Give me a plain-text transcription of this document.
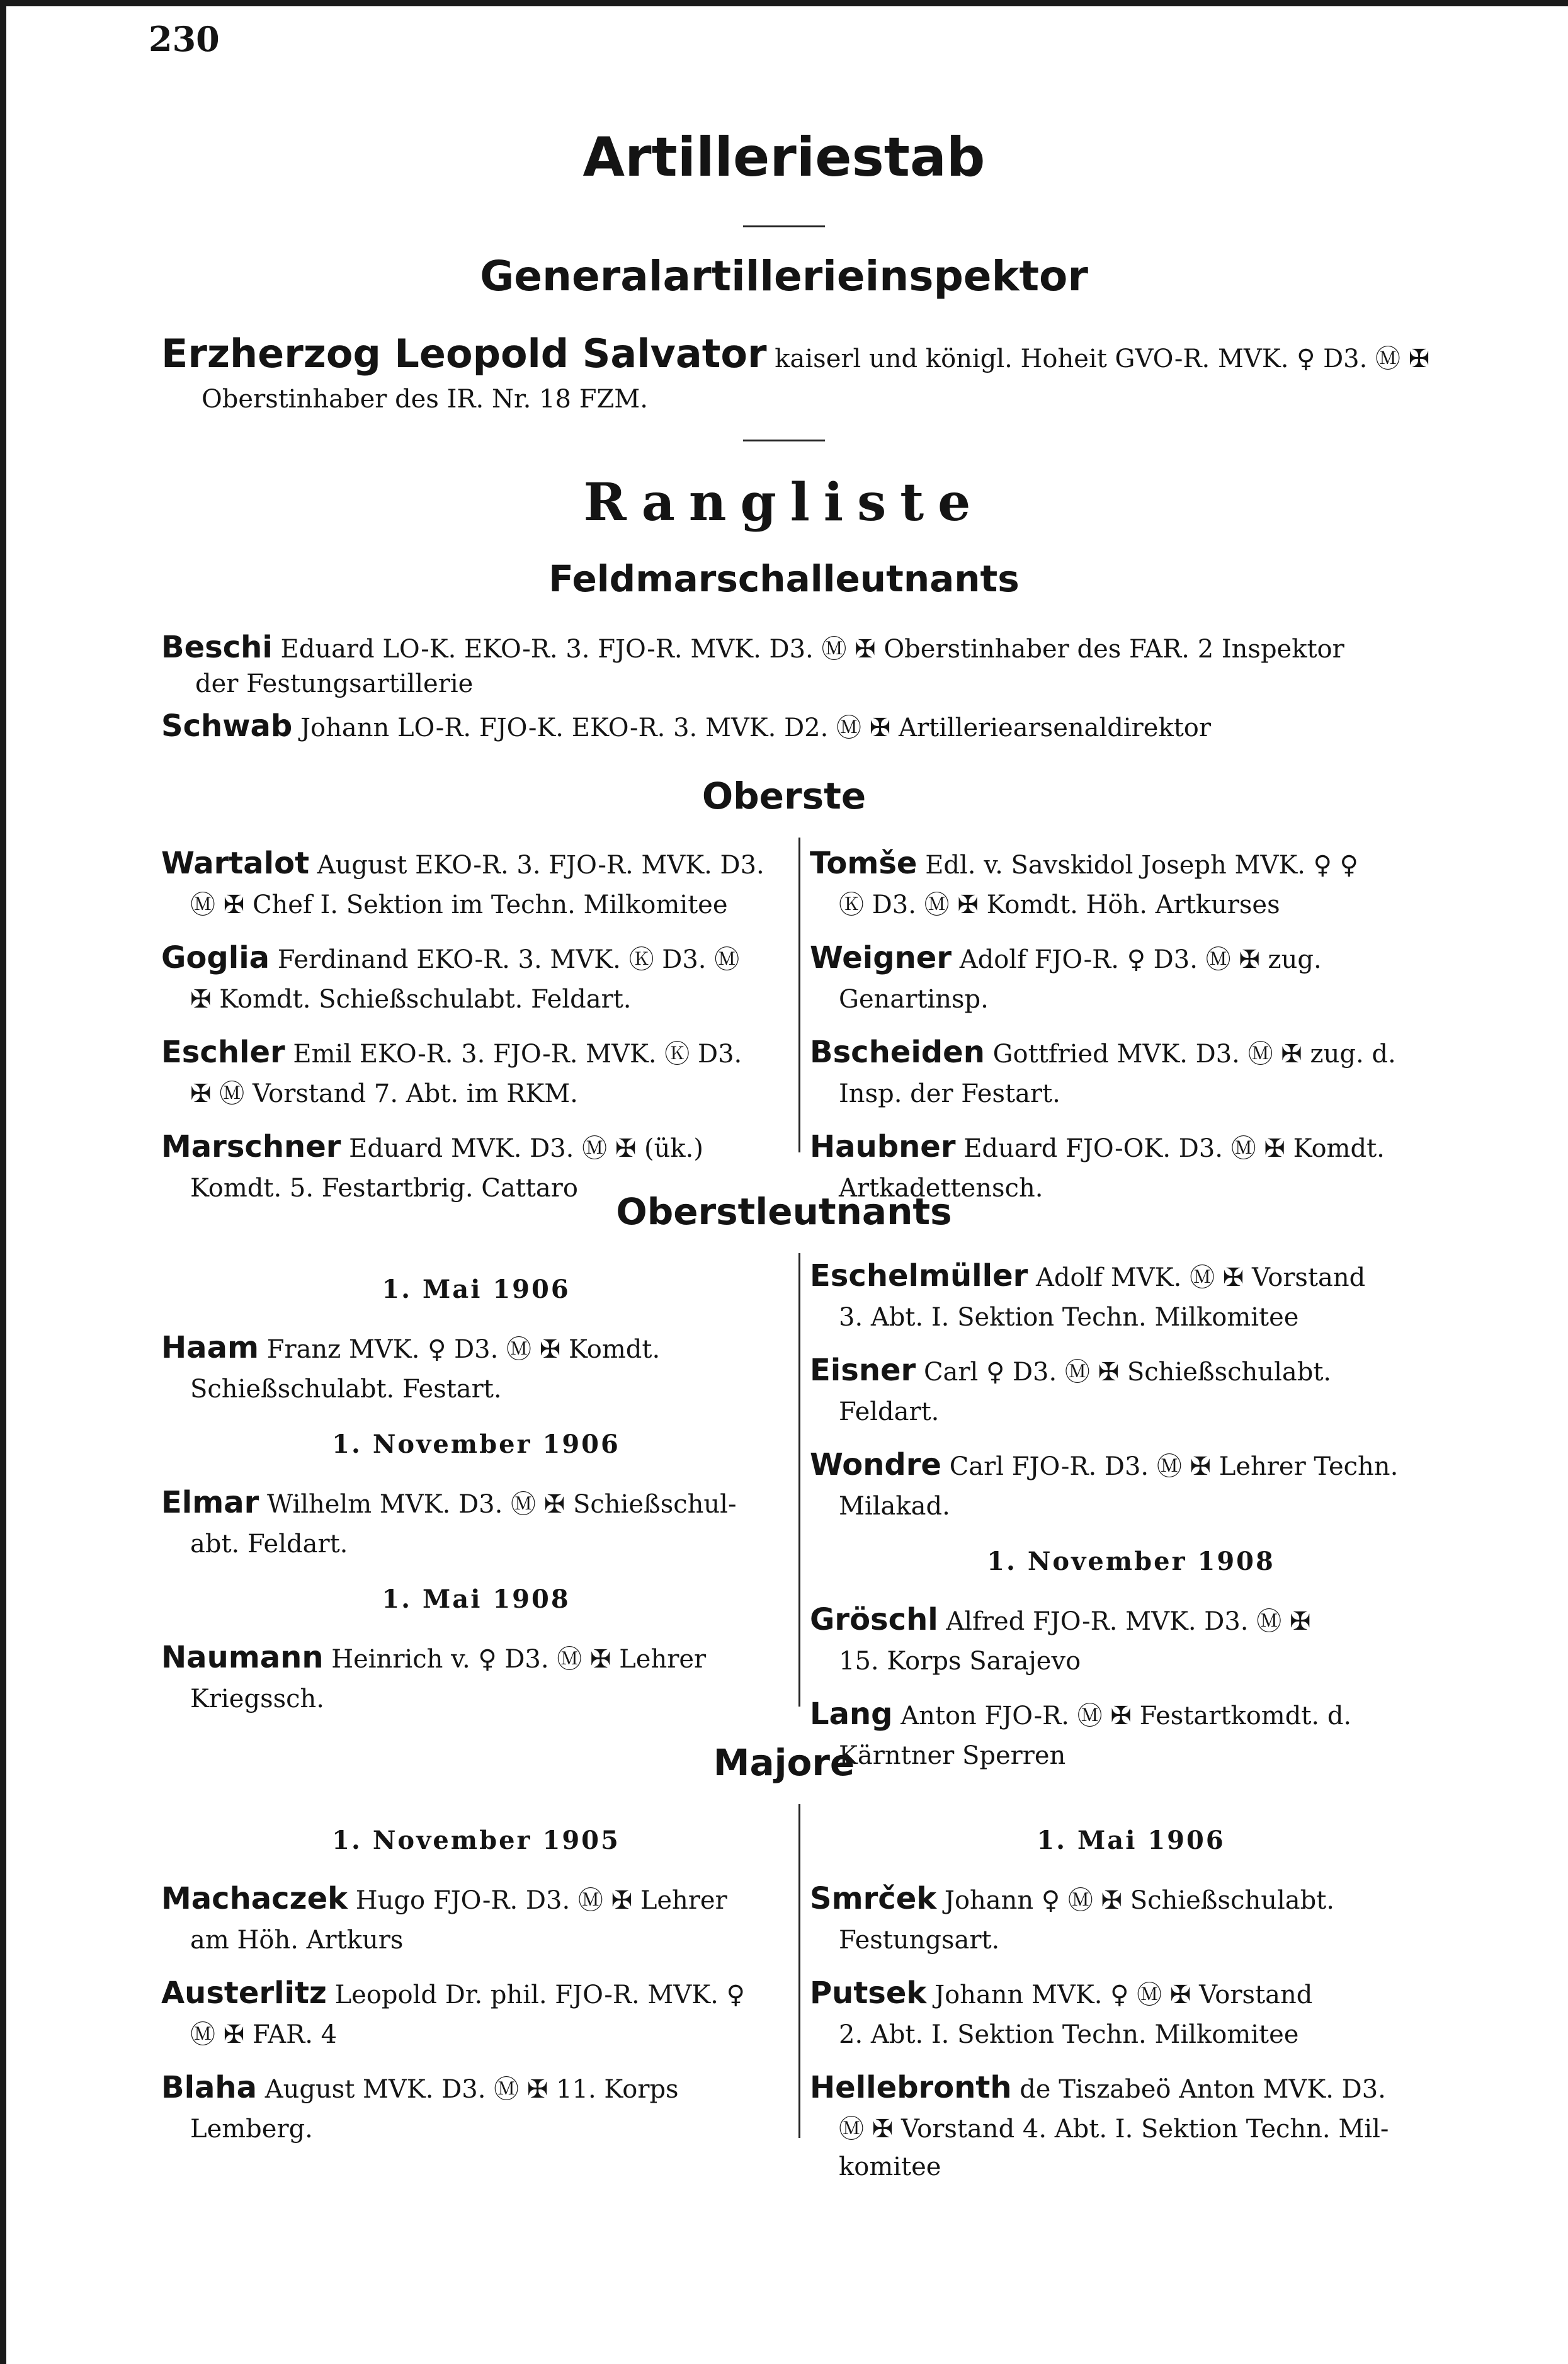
230
Artilleriestab
Generalartillerieinspektor
Erzherzog Leopold Salvator kaiserl und königl. Hoheit GVO-R. MVK. ♀ D3. Ⓜ ✠
Oberstinhaber des IR. Nr. 18 FZM.
Rangliste
Feldmarschalleutnants
Beschi Eduard LO-K. EKO-R. 3. FJO-R. MVK. D3. Ⓜ ✠ Oberstinhaber des FAR. 2 Inspektor
der Festungsartillerie
Schwab Johann LO-R. FJO-K. EKO-R. 3. MVK. D2. Ⓜ ✠ Artilleriearsenaldirektor
Oberste
Wartalot August EKO-R. 3. FJO-R. MVK. D3.
Ⓜ ✠ Chef I. Sektion im Techn. Milkomitee
Goglia Ferdinand EKO-R. 3. MVK. Ⓚ D3. Ⓜ
✠ Komdt. Schießschulabt. Feldart.
Eschler Emil EKO-R. 3. FJO-R. MVK. Ⓚ D3.
✠ Ⓜ Vorstand 7. Abt. im RKM.
Marschner Eduard MVK. D3. Ⓜ ✠ (ük.)
Komdt. 5. Festartbrig. Cattaro
Tomše Edl. v. Savskidol Joseph MVK. ♀ ♀
Ⓚ D3. Ⓜ ✠ Komdt. Höh. Artkurses
Weigner Adolf FJO-R. ♀ D3. Ⓜ ✠ zug.
Genartinsp.
Bscheiden Gottfried MVK. D3. Ⓜ ✠ zug. d.
Insp. der Festart.
Haubner Eduard FJO-OK. D3. Ⓜ ✠ Komdt.
Artkadettensch.
Oberstleutnants
1. Mai 1906
Haam Franz MVK. ♀ D3. Ⓜ ✠ Komdt.
Schießschulabt. Festart.
1. November 1906
Elmar Wilhelm MVK. D3. Ⓜ ✠ Schießschul-
abt. Feldart.
1. Mai 1908
Naumann Heinrich v. ♀ D3. Ⓜ ✠ Lehrer
Kriegssch.
Eschelmüller Adolf MVK. Ⓜ ✠ Vorstand
3. Abt. I. Sektion Techn. Milkomitee
Eisner Carl ♀ D3. Ⓜ ✠ Schießschulabt.
Feldart.
Wondre Carl FJO-R. D3. Ⓜ ✠ Lehrer Techn.
Milakad.
1. November 1908
Gröschl Alfred FJO-R. MVK. D3. Ⓜ ✠
15. Korps Sarajevo
Lang Anton FJO-R. Ⓜ ✠ Festartkomdt. d.
Kärntner Sperren
Majore
1. November 1905
Machaczek Hugo FJO-R. D3. Ⓜ ✠ Lehrer
am Höh. Artkurs
Austerlitz Leopold Dr. phil. FJO-R. MVK. ♀
Ⓜ ✠ FAR. 4
Blaha August MVK. D3. Ⓜ ✠ 11. Korps
Lemberg.
1. Mai 1906
Smrček Johann ♀ Ⓜ ✠ Schießschulabt.
Festungsart.
Putsek Johann MVK. ♀ Ⓜ ✠ Vorstand
2. Abt. I. Sektion Techn. Milkomitee
Hellebronth de Tiszabeö Anton MVK. D3.
Ⓜ ✠ Vorstand 4. Abt. I. Sektion Techn. Mil-
komitee
